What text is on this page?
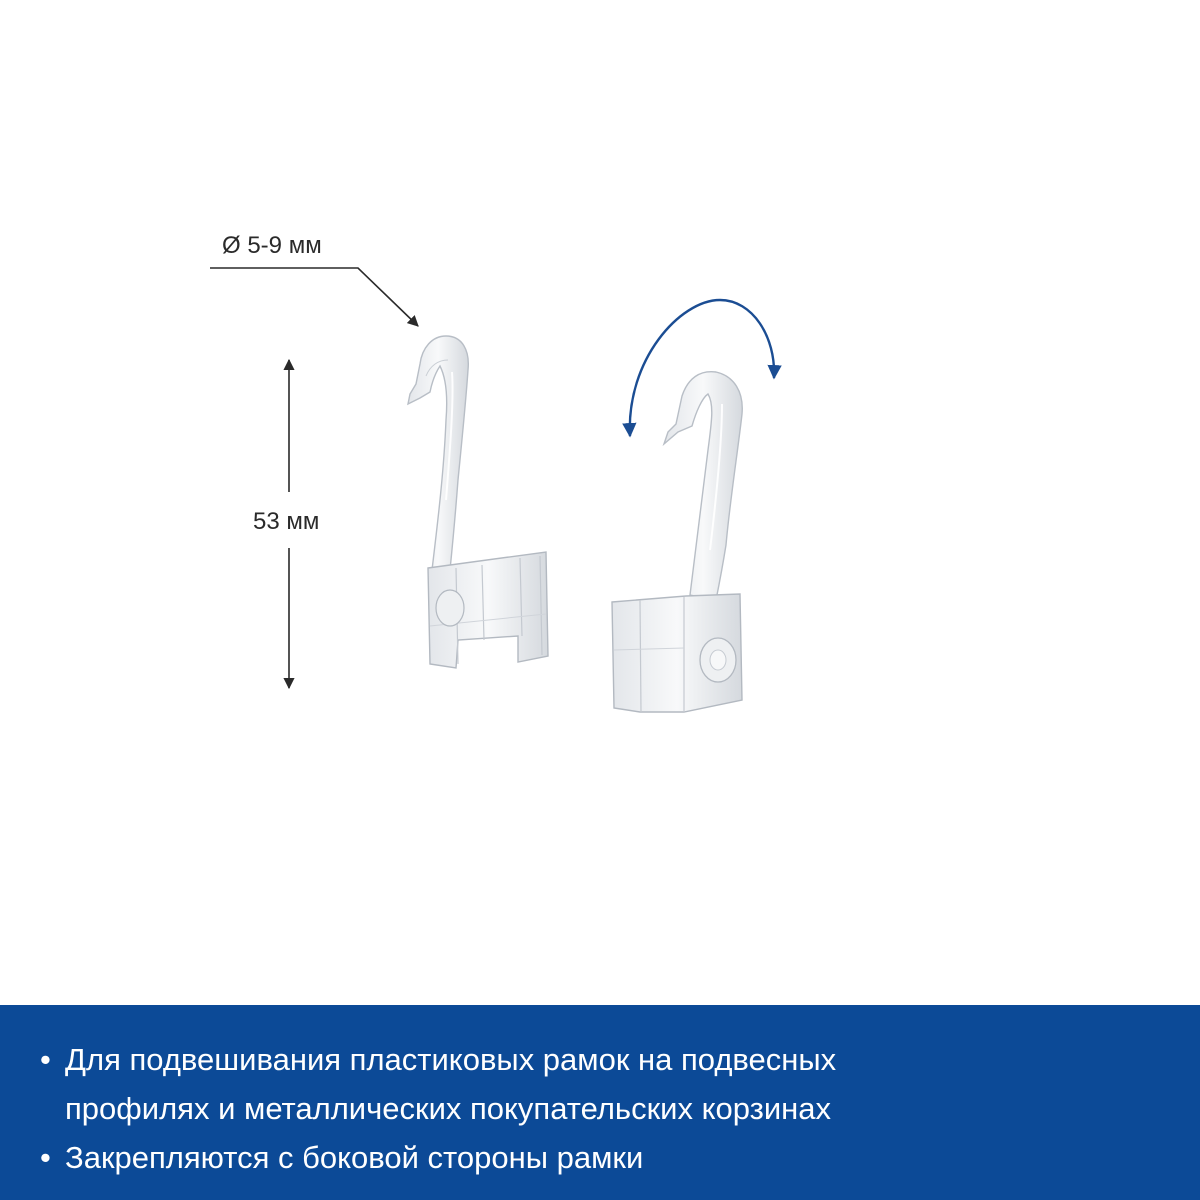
Ø 5-9 мм
53 мм
• Для подвешивания пластиковых рамок на подвесных
профилях и металлических покупательских корзинах
• Закрепляются с боковой стороны рамки
